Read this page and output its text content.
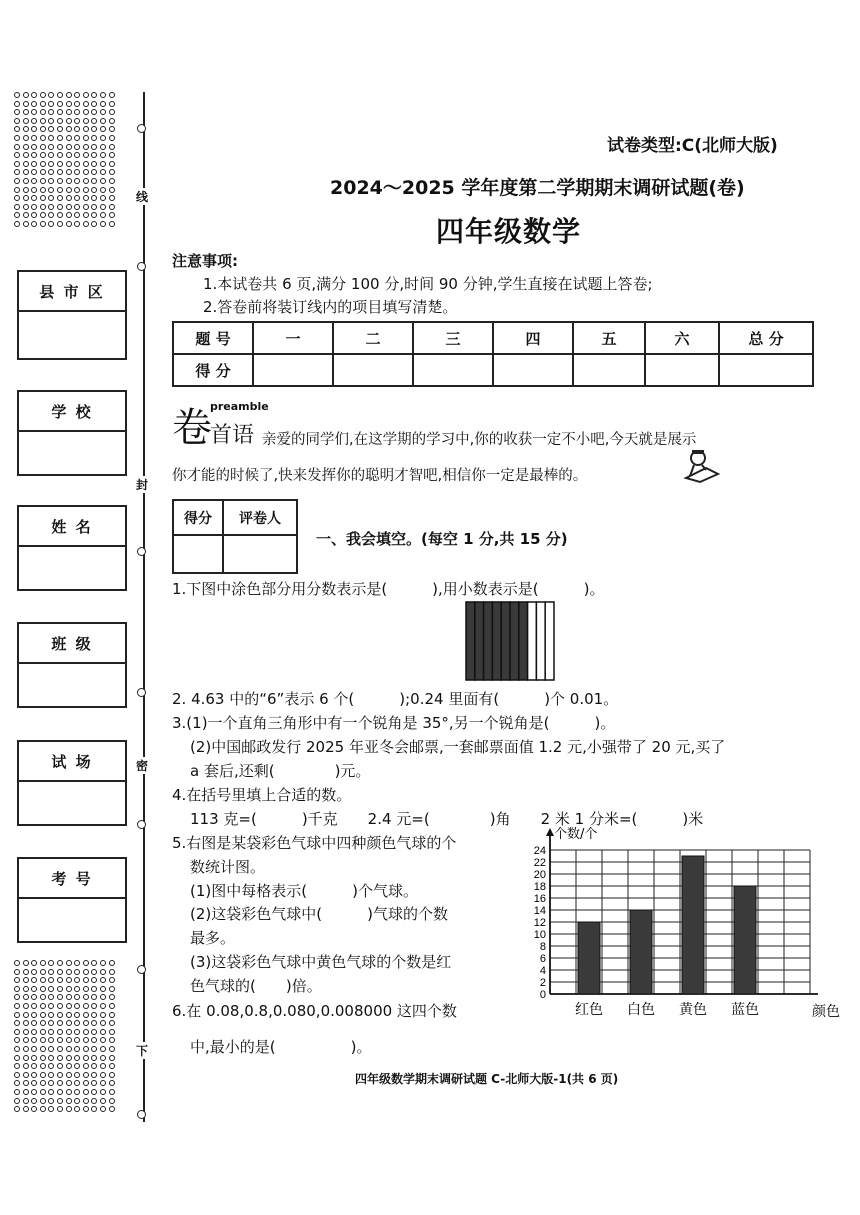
县 市 区
学 校
姓 名
班 级
试 场
考 号
线
封
密
下
试卷类型:C(北师大版)
2024～2025 学年度第二学期期末调研试题(卷)
四年级数学
注意事项:
1.本试卷共 6 页,满分 100 分,时间 90 分钟,学生直接在试题上答卷;
2.答卷前将装订线内的项目填写清楚。
题 号	一	二	三	四	五	六	总 分
得 分							
卷
preamble
首语 亲爱的同学们,在这学期的学习中,你的收获一定不小吧,今天就是展示
你才能的时候了,快来发挥你的聪明才智吧,相信你一定是最棒的。
得分	评卷人

一、我会填空。(每空 1 分,共 15 分)
1.下图中涂色部分用分数表示是(　　　),用小数表示是(　　　)。
2. 4.63 中的“6”表示 6 个(　　　);0.24 里面有(　　　)个 0.01。
3.(1)一个直角三角形中有一个锐角是 35°,另一个锐角是(　　　)。
(2)中国邮政发行 2025 年亚冬会邮票,一套邮票面值 1.2 元,小强带了 20 元,买了
a 套后,还剩(　　　　)元。
4.在括号里填上合适的数。
113 克=(　　　)千克　　2.4 元=(　　　　)角　　2 米 1 分米=(　　　)米
5.右图是某袋彩色气球中四种颜色气球的个
数统计图。
(1)图中每格表示(　　　)个气球。
(2)这袋彩色气球中(　　　)气球的个数
最多。
(3)这袋彩色气球中黄色气球的个数是红
色气球的(　　)倍。
6.在 0.08,0.8,0.080,0.008000 这四个数
中,最小的是(　　　　　)。
0
2
4
6
8
10
12
14
16
18
20
22
24
个数/个
红色 白色 黄色 蓝色	颜色
四年级数学期末调研试题 C-北师大版-1(共 6 页)
